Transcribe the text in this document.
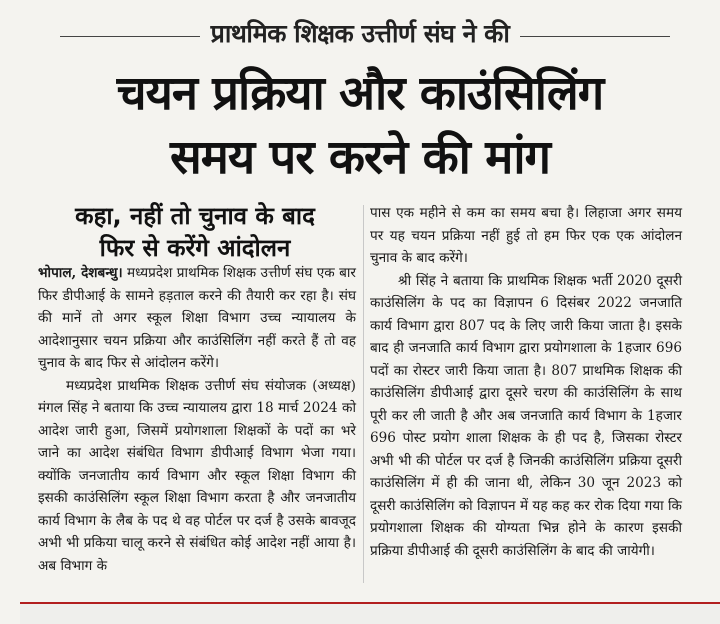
प्राथमिक शिक्षक उत्तीर्ण संघ ने की
चयन प्रक्रिया और काउंसिलिंग
समय पर करने की मांग
कहा, नहीं तो चुनाव के बाद
फिर से करेंगे आंदोलन

भोपाल, देशबन्धु। मध्यप्रदेश प्राथमिक शिक्षक उत्तीर्ण संघ एक बार फिर डीपीआई के सामने हड़ताल करने की तैयारी कर रहा है। संघ की मानें तो अगर स्कूल शिक्षा विभाग उच्च न्यायालय के आदेशानुसार चयन प्रक्रिया और काउंसिलिंग नहीं करते हैं तो वह चुनाव के बाद फिर से आंदोलन करेंगे।

मध्यप्रदेश प्राथमिक शिक्षक उत्तीर्ण संघ संयोजक (अध्यक्ष) मंगल सिंह ने बताया कि उच्च न्यायालय द्वारा 18 मार्च 2024 को आदेश जारी हुआ, जिसमें प्रयोगशाला शिक्षकों के पदों का भरे जाने का आदेश संबंधित विभाग डीपीआई विभाग भेजा गया। क्योंकि जनजातीय कार्य विभाग और स्कूल शिक्षा विभाग की इसकी काउंसिलिंग स्कूल शिक्षा विभाग करता है और जनजातीय कार्य विभाग के लैब के पद थे वह पोर्टल पर दर्ज है उसके बावजूद अभी भी प्रकिया चालू करने से संबंधित कोई आदेश नहीं आया है। अब विभाग के

पास एक महीने से कम का समय बचा है। लिहाजा अगर समय पर यह चयन प्रक्रिया नहीं हुई तो हम फिर एक एक आंदोलन चुनाव के बाद करेंगे।

श्री सिंह ने बताया कि प्राथमिक शिक्षक भर्ती 2020 दूसरी काउंसिलिंग के पद का विज्ञापन 6 दिसंबर 2022 जनजाति कार्य विभाग द्वारा 807 पद के लिए जारी किया जाता है। इसके बाद ही जनजाति कार्य विभाग द्वारा प्रयोगशाला के 1हजार 696 पदों का रोस्टर जारी किया जाता है। 807 प्राथमिक शिक्षक की काउंसिलिंग डीपीआई द्वारा दूसरे चरण की काउंसिलिंग के साथ पूरी कर ली जाती है और अब जनजाति कार्य विभाग के 1हजार 696 पोस्ट प्रयोग शाला शिक्षक के ही पद है, जिसका रोस्टर अभी भी की पोर्टल पर दर्ज है जिनकी काउंसिलिंग प्रक्रिया दूसरी काउंसिलिंग में ही की जाना थी, लेकिन 30 जून 2023 को दूसरी काउंसिलिंग को विज्ञापन में यह कह कर रोक दिया गया कि प्रयोगशाला शिक्षक की योग्यता भिन्न होने के कारण इसकी प्रक्रिया डीपीआई की दूसरी काउंसिलिंग के बाद की जायेगी।
